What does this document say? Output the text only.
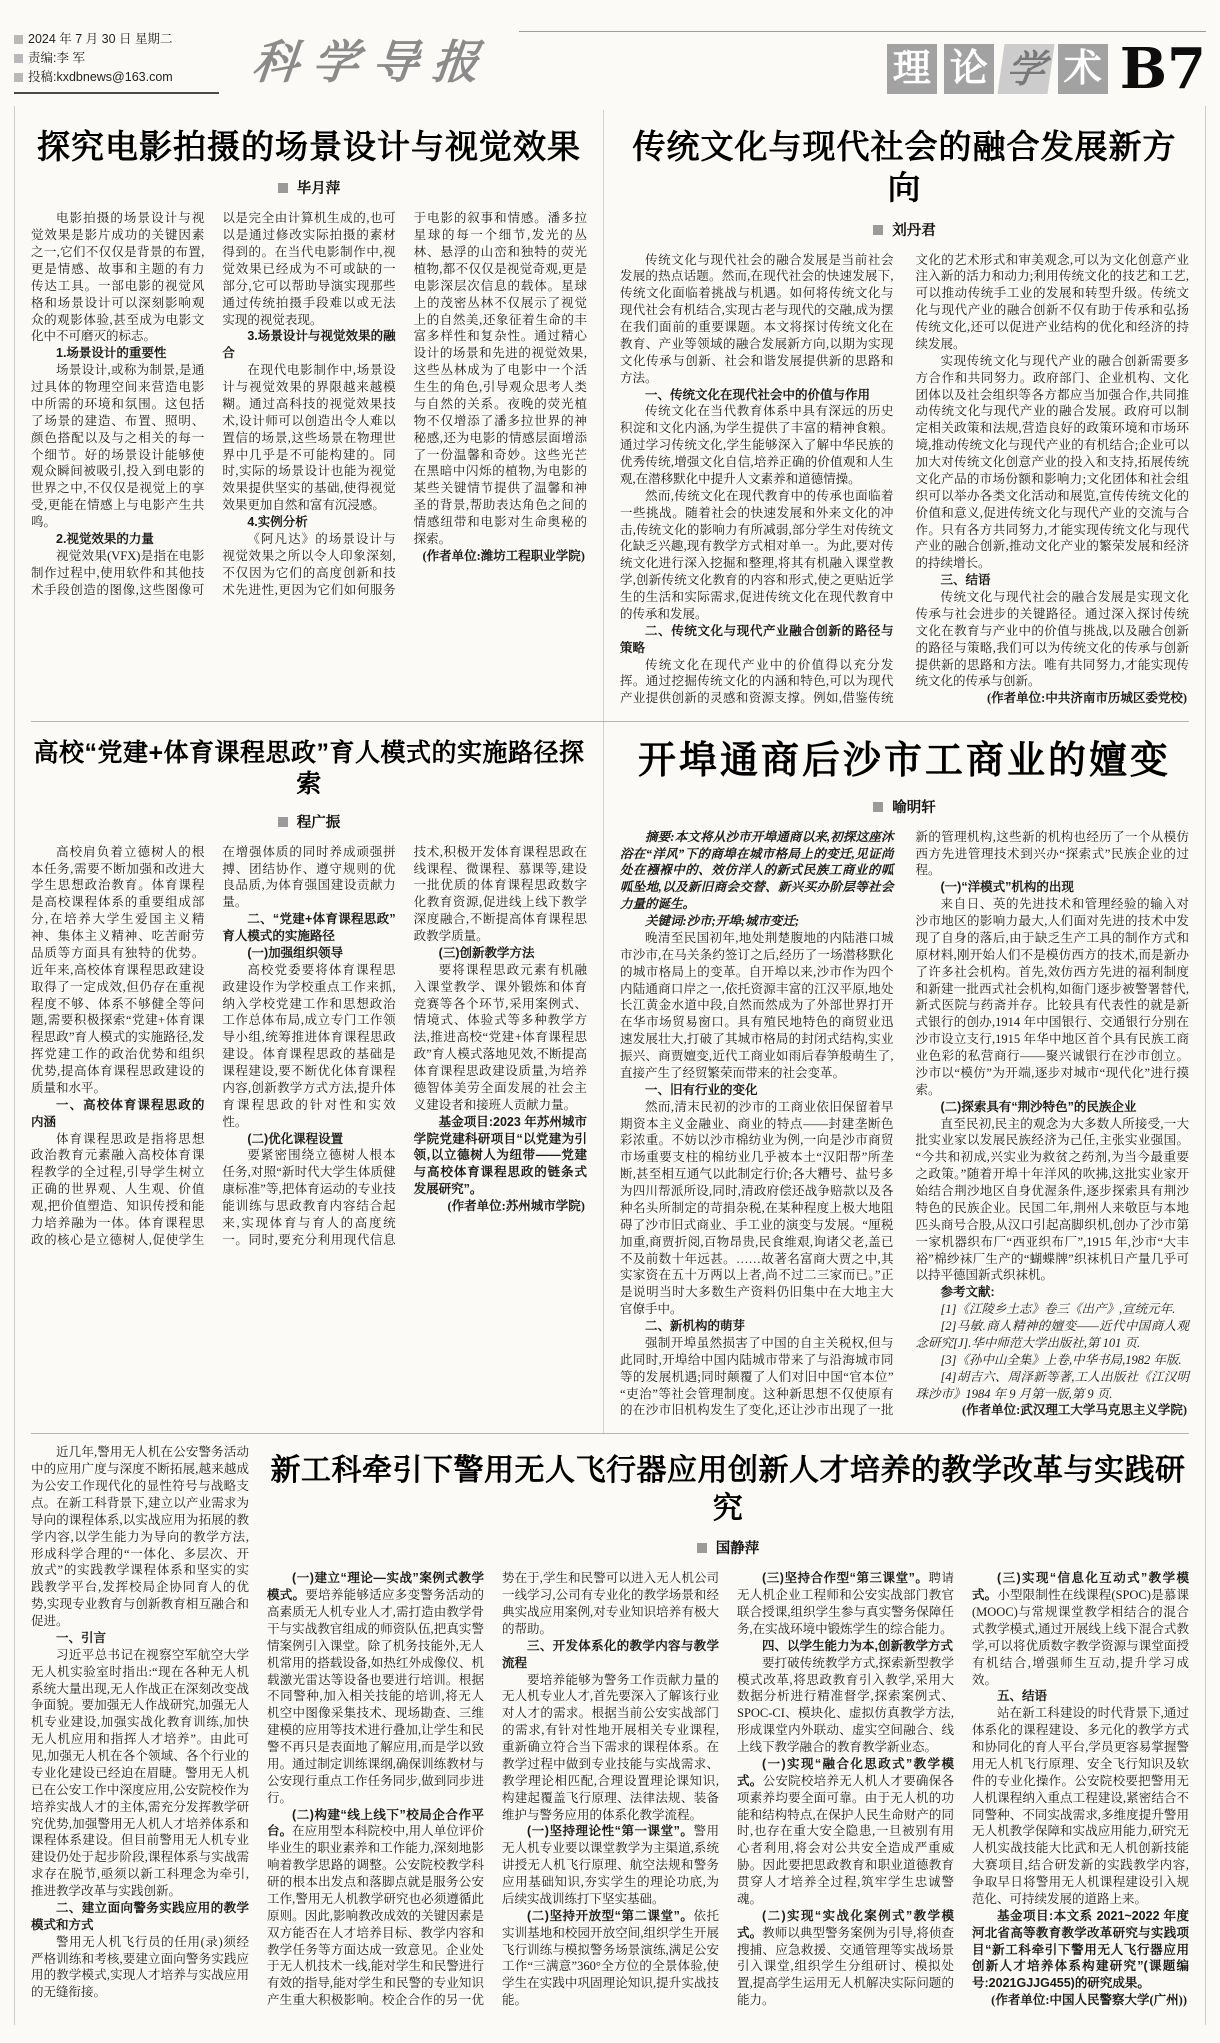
2024 年 7 月 30 日 星期二
责编:李 军
投稿:kxdbnews@163.com 科学导报	理 论 学 术 B7
探究电影拍摄的场景设计与视觉效果
毕月萍

电影拍摄的场景设计与视觉效果是影片成功的关键因素之一,它们不仅仅是背景的布置,更是情感、故事和主题的有力传达工具。一部电影的视觉风格和场景设计可以深刻影响观众的观影体验,甚至成为电影文化中不可磨灭的标志。

1.场景设计的重要性

场景设计,或称为制景,是通过具体的物理空间来营造电影中所需的环境和氛围。这包括了场景的建造、布置、照明、颜色搭配以及与之相关的每一个细节。好的场景设计能够使观众瞬间被吸引,投入到电影的世界之中,不仅仅是视觉上的享受,更能在情感上与电影产生共鸣。

2.视觉效果的力量

视觉效果(VFX)是指在电影制作过程中,使用软件和其他技术手段创造的图像,这些图像可以是完全由计算机生成的,也可以是通过修改实际拍摄的素材得到的。在当代电影制作中,视觉效果已经成为不可或缺的一部分,它可以帮助导演实现那些通过传统拍摄手段难以或无法实现的视觉表现。

3.场景设计与视觉效果的融合

在现代电影制作中,场景设计与视觉效果的界限越来越模糊。通过高科技的视觉效果技术,设计师可以创造出令人难以置信的场景,这些场景在物理世界中几乎是不可能构建的。同时,实际的场景设计也能为视觉效果提供坚实的基础,使得视觉效果更加自然和富有沉浸感。

4.实例分析

《阿凡达》的场景设计与视觉效果之所以令人印象深刻,不仅因为它们的高度创新和技术先进性,更因为它们如何服务于电影的叙事和情感。潘多拉星球的每一个细节,发光的丛林、悬浮的山峦和独特的荧光植物,都不仅仅是视觉奇观,更是电影深层次信息的载体。星球上的茂密丛林不仅展示了视觉上的自然美,还象征着生命的丰富多样性和复杂性。通过精心设计的场景和先进的视觉效果,这些丛林成为了电影中一个活生生的角色,引导观众思考人类与自然的关系。夜晚的荧光植物不仅增添了潘多拉世界的神秘感,还为电影的情感层面增添了一份温馨和奇妙。这些光芒在黑暗中闪烁的植物,为电影的某些关键情节提供了温馨和神圣的背景,帮助表达角色之间的情感纽带和电影对生命奥秘的探索。

(作者单位:潍坊工程职业学院)

传统文化与现代社会的融合发展新方向
刘丹君

传统文化与现代社会的融合发展是当前社会发展的热点话题。然而,在现代社会的快速发展下,传统文化面临着挑战与机遇。如何将传统文化与现代社会有机结合,实现古老与现代的交融,成为摆在我们面前的重要课题。本文将探讨传统文化在教育、产业等领域的融合发展新方向,以期为实现文化传承与创新、社会和谐发展提供新的思路和方法。

一、传统文化在现代社会中的价值与作用

传统文化在当代教育体系中具有深远的历史积淀和文化内涵,为学生提供了丰富的精神食粮。通过学习传统文化,学生能够深入了解中华民族的优秀传统,增强文化自信,培养正确的价值观和人生观,在潜移默化中提升人文素养和道德情操。

然而,传统文化在现代教育中的传承也面临着一些挑战。随着社会的快速发展和外来文化的冲击,传统文化的影响力有所减弱,部分学生对传统文化缺乏兴趣,现有教学方式相对单一。为此,要对传统文化进行深入挖掘和整理,将其有机融入课堂教学,创新传统文化教育的内容和形式,使之更贴近学生的生活和实际需求,促进传统文化在现代教育中的传承和发展。

二、传统文化与现代产业融合创新的路径与策略

传统文化在现代产业中的价值得以充分发挥。通过挖掘传统文化的内涵和特色,可以为现代产业提供创新的灵感和资源支撑。例如,借鉴传统文化的艺术形式和审美观念,可以为文化创意产业注入新的活力和动力;利用传统文化的技艺和工艺,可以推动传统手工业的发展和转型升级。传统文化与现代产业的融合创新不仅有助于传承和弘扬传统文化,还可以促进产业结构的优化和经济的持续发展。

实现传统文化与现代产业的融合创新需要多方合作和共同努力。政府部门、企业机构、文化团体以及社会组织等各方都应当加强合作,共同推动传统文化与现代产业的融合发展。政府可以制定相关政策和法规,营造良好的政策环境和市场环境,推动传统文化与现代产业的有机结合;企业可以加大对传统文化创意产业的投入和支持,拓展传统文化产品的市场份额和影响力;文化团体和社会组织可以举办各类文化活动和展览,宣传传统文化的价值和意义,促进传统文化与现代产业的交流与合作。只有各方共同努力,才能实现传统文化与现代产业的融合创新,推动文化产业的繁荣发展和经济的持续增长。

三、结语

传统文化与现代社会的融合发展是实现文化传承与社会进步的关键路径。通过深入探讨传统文化在教育与产业中的价值与挑战,以及融合创新的路径与策略,我们可以为传统文化的传承与创新提供新的思路和方法。唯有共同努力,才能实现传统文化的传承与创新。

(作者单位:中共济南市历城区委党校)

高校“党建+体育课程思政”育人模式的实施路径探索
程广振

高校肩负着立德树人的根本任务,需要不断加强和改进大学生思想政治教育。体育课程是高校课程体系的重要组成部分,在培养大学生爱国主义精神、集体主义精神、吃苦耐劳品质等方面具有独特的优势。近年来,高校体育课程思政建设取得了一定成效,但仍存在重视程度不够、体系不够健全等问题,需要积极探索“党建+体育课程思政”育人模式的实施路径,发挥党建工作的政治优势和组织优势,提高体育课程思政建设的质量和水平。

一、高校体育课程思政的内涵

体育课程思政是指将思想政治教育元素融入高校体育课程教学的全过程,引导学生树立正确的世界观、人生观、价值观,把价值塑造、知识传授和能力培养融为一体。体育课程思政的核心是立德树人,促使学生在增强体质的同时养成顽强拼搏、团结协作、遵守规则的优良品质,为体育强国建设贡献力量。

二、“党建+体育课程思政”育人模式的实施路径

(一)加强组织领导

高校党委要将体育课程思政建设作为学校重点工作来抓,纳入学校党建工作和思想政治工作总体布局,成立专门工作领导小组,统筹推进体育课程思政建设。体育课程思政的基础是课程建设,要不断优化体育课程内容,创新教学方式方法,提升体育课程思政的针对性和实效性。

(二)优化课程设置

要紧密围绕立德树人根本任务,对照“新时代大学生体质健康标准”等,把体育运动的专业技能训练与思政教育内容结合起来,实现体育与育人的高度统一。同时,要充分利用现代信息技术,积极开发体育课程思政在线课程、微课程、慕课等,建设一批优质的体育课程思政数字化教育资源,促进线上线下教学深度融合,不断提高体育课程思政教学质量。

(三)创新教学方法

要将课程思政元素有机融入课堂教学、课外锻炼和体育竞赛等各个环节,采用案例式、情境式、体验式等多种教学方法,推进高校“党建+体育课程思政”育人模式落地见效,不断提高体育课程思政建设质量,为培养德智体美劳全面发展的社会主义建设者和接班人贡献力量。

基金项目:2023 年苏州城市学院党建科研项目“以党建为引领,以立德树人为纽带——党建与高校体育课程思政的链条式发展研究”。

(作者单位:苏州城市学院)

开埠通商后沙市工商业的嬗变
喻明轩

摘要:本文将从沙市开埠通商以来,初探这座沐浴在“洋风”下的商埠在城市格局上的变迁,见证尚处在襁褓中的、效仿洋人的新式民族工商业的呱呱坠地,以及新旧商会交替、新兴买办阶层等社会力量的诞生。

关键词:沙市;开埠;城市变迁;

晚清至民国初年,地处荆楚腹地的内陆港口城市沙市,在马关条约签订之后,经历了一场潜移默化的城市格局上的变革。自开埠以来,沙市作为四个内陆通商口岸之一,依托资源丰富的江汉平原,地处长江黄金水道中段,自然而然成为了外部世界打开在华市场贸易窗口。具有殖民地特色的商贸业迅速发展壮大,打破了其城市格局的封闭式结构,实业振兴、商贾嬗变,近代工商业如雨后春笋般萌生了,直接产生了经贸繁荣而带来的社会变革。

一、旧有行业的变化

然而,清末民初的沙市的工商业依旧保留着早期资本主义金融业、商业的特点——封建垄断色彩浓重。不妨以沙市棉纺业为例,一向是沙市商贸市场重要支柱的棉纺业几乎被本土“汉阳帮”所垄断,甚至相互通气以此制定行价;各大糟号、盐号多为四川帮派所设,同时,清政府偿还战争赔款以及各种名头所制定的苛捐杂税,在某种程度上极大地阻碍了沙市旧式商业、手工业的演变与发展。“厘税加重,商贾折阅,百物昂贵,民食维艰,询诸父老,盖已不及前数十年远甚。……故著名富商大贾之中,其实家资在五十万两以上者,尚不过二三家而已。”正是说明当时大多数生产资料仍旧集中在大地主大官僚手中。

二、新机构的萌芽

强制开埠虽然损害了中国的自主关税权,但与此同时,开埠给中国内陆城市带来了与沿海城市同等的发展机遇;同时颠覆了人们对旧中国“官本位”“吏治”等社会管理制度。这种新思想不仅使原有的在沙市旧机构发生了变化,还让沙市出现了一批新的管理机构,这些新的机构也经历了一个从模仿西方先进管理技术到兴办“探索式”民族企业的过程。

(一)“洋模式”机构的出现

来自日、英的先进技术和管理经验的输入对沙市地区的影响力最大,人们面对先进的技术中发现了自身的落后,由于缺乏生产工具的制作方式和原材料,刚开始人们不是模仿西方的技术,而是新办了许多社会机构。首先,效仿西方先进的福利制度和新建一批西式社会机构,如衙门逐步被警署替代,新式医院与药斋并存。比较具有代表性的就是新式银行的创办,1914 年中国银行、交通银行分别在沙市设立支行,1915 年华中地区首个具有民族工商业色彩的私营商行——聚兴诚银行在沙市创立。沙市以“模仿”为开端,逐步对城市“现代化”进行摸索。

(二)探索具有“荆沙特色”的民族企业

直至民初,民主的观念为大多数人所接受,一大批实业家以发展民族经济为己任,主张实业强国。“今共和初成,兴实业为救贫之药剂,为当今最重要之政策。”随着开埠十年洋风的吹拂,这批实业家开始结合荆沙地区自身优渥条件,逐步探索具有荆沙特色的民族企业。民国二年,荆州人来敬臣与本地匹头商号合股,从汉口引起高脚织机,创办了沙市第一家机器织布厂“西亚织布厂”,1915 年,沙市“大丰裕”棉纱袜厂生产的“蝴蝶牌”织袜机日产量几乎可以持平德国新式织袜机。

参考文献:

[1]《江陵乡土志》卷三《出产》,宣统元年.

[2]马敏.商人精神的嬗变——近代中国商人观念研究[J].华中师范大学出版社,第 101 页.

[3]《孙中山全集》上卷,中华书局,1982 年版.

[4]胡吉六、周泽新等著,工人出版社《江汉明珠沙市》1984 年 9 月第一版,第 9 页.

(作者单位:武汉理工大学马克思主义学院)

近几年,警用无人机在公安警务活动中的应用广度与深度不断拓展,越来越成为公安工作现代化的显性符号与战略支点。在新工科背景下,建立以产业需求为导向的课程体系,以实战应用为拓展的教学内容,以学生能力为导向的教学方法,形成科学合理的“一体化、多层次、开放式”的实践教学课程体系和坚实的实践教学平台,发挥校局企协同育人的优势,实现专业教育与创新教育相互融合和促进。

一、引言

习近平总书记在视察空军航空大学无人机实验室时指出:“现在各种无人机系统大量出现,无人作战正在深刻改变战争面貌。要加强无人作战研究,加强无人机专业建设,加强实战化教育训练,加快无人机应用和指挥人才培养”。由此可见,加强无人机在各个领域、各个行业的专业化建设已经迫在眉睫。警用无人机已在公安工作中深度应用,公安院校作为培养实战人才的主体,需充分发挥教学研究优势,加强警用无人机人才培养体系和课程体系建设。但目前警用无人机专业建设仍处于起步阶段,课程体系与实战需求存在脱节,亟须以新工科理念为牵引,推进教学改革与实践创新。

二、建立面向警务实践应用的教学模式和方式

警用无人机飞行员的任用(录)须经严格训练和考核,要建立面向警务实践应用的教学模式,实现人才培养与实战应用的无缝衔接。

新工科牵引下警用无人飞行器应用创新人才培养的教学改革与实践研究
国静萍

(一)建立“理论—实战”案例式教学模式。要培养能够适应多变警务活动的高素质无人机专业人才,需打造由教学骨干与实战教官组成的师资队伍,把真实警情案例引入课堂。除了机务技能外,无人机常用的搭载设备,如热红外成像仪、机载激光雷达等设备也要进行培训。根据不同警种,加入相关技能的培训,将无人机空中图像采集技术、现场勘查、三维建模的应用等技术进行叠加,让学生和民警不再只是表面地了解应用,而是学以致用。通过制定训练课纲,确保训练教材与公安现行重点工作任务同步,做到同步进行。

(二)构建“线上线下”校局企合作平台。在应用型本科院校中,用人单位评价毕业生的职业素养和工作能力,深刻地影响着教学思路的调整。公安院校教学科研的根本出发点和落脚点就是服务公安工作,警用无人机教学研究也必须遵循此原则。因此,影响教改成效的关键因素是双方能否在人才培养目标、教学内容和教学任务等方面达成一致意见。企业处于无人机技术一线,能对学生和民警进行有效的指导,能对学生和民警的专业知识产生重大积极影响。校企合作的另一优势在于,学生和民警可以进入无人机公司一线学习,公司有专业化的教学场景和经典实战应用案例,对专业知识培养有极大的帮助。

三、开发体系化的教学内容与教学流程

要培养能够为警务工作贡献力量的无人机专业人才,首先要深入了解该行业对人才的需求。根据当前公安实战部门的需求,有针对性地开展相关专业课程,重新确立符合当下需求的课程体系。在教学过程中做到专业技能与实战需求、教学理论相匹配,合理设置理论课知识,构建起覆盖飞行原理、法律法规、装备维护与警务应用的体系化教学流程。

(一)坚持理论性“第一课堂”。警用无人机专业要以课堂教学为主渠道,系统讲授无人机飞行原理、航空法规和警务应用基础知识,夯实学生的理论功底,为后续实战训练打下坚实基础。

(二)坚持开放型“第二课堂”。依托实训基地和校园开放空间,组织学生开展飞行训练与模拟警务场景演练,满足公安工作“三满意”360°全方位的全景体验,使学生在实践中巩固理论知识,提升实战技能。

(三)坚持合作型“第三课堂”。聘请无人机企业工程师和公安实战部门教官联合授课,组织学生参与真实警务保障任务,在实战环境中锻炼学生的综合能力。

四、以学生能力为本,创新教学方式

要打破传统教学方式,探索新型教学模式改革,将思政教育引入教学,采用大数据分析进行精准督学,探索案例式、SPOC-CI、模块化、虚拟仿真教学方法,形成课堂内外联动、虚实空间融合、线上线下教学融合的教育教学新业态。

(一)实现“融合化思政式”教学模式。公安院校培养无人机人才要确保各项素养均要全面可靠。由于无人机的功能和结构特点,在保护人民生命财产的同时,也存在重大安全隐患,一旦被别有用心者利用,将会对公共安全造成严重威胁。因此要把思政教育和职业道德教育贯穿人才培养全过程,筑牢学生忠诚警魂。

(二)实现“实战化案例式”教学模式。教师以典型警务案例为引导,将侦查搜捕、应急救援、交通管理等实战场景引入课堂,组织学生分组研讨、模拟处置,提高学生运用无人机解决实际问题的能力。

(三)实现“信息化互动式”教学模式。小型限制性在线课程(SPOC)是慕课(MOOC)与常规课堂教学相结合的混合式教学模式,通过开展线上线下混合式教学,可以将优质数字教学资源与课堂面授有机结合,增强师生互动,提升学习成效。

五、结语

站在新工科建设的时代背景下,通过体系化的课程建设、多元化的教学方式和协同化的育人平台,学员更容易掌握警用无人机飞行原理、安全飞行知识及软件的专业化操作。公安院校要把警用无人机课程纳入重点工程建设,紧密结合不同警种、不同实战需求,多维度提升警用无人机教学保障和实战应用能力,研究无人机实战技能大比武和无人机创新技能大赛项目,结合研发新的实践教学内容,争取早日将警用无人机课程建设引入规范化、可持续发展的道路上来。

基金项目:本文系 2021~2022 年度河北省高等教育教学改革研究与实践项目“新工科牵引下警用无人飞行器应用创新人才培养体系构建研究”(课题编号:2021GJJG455)的研究成果。

(作者单位:中国人民警察大学(广州))
